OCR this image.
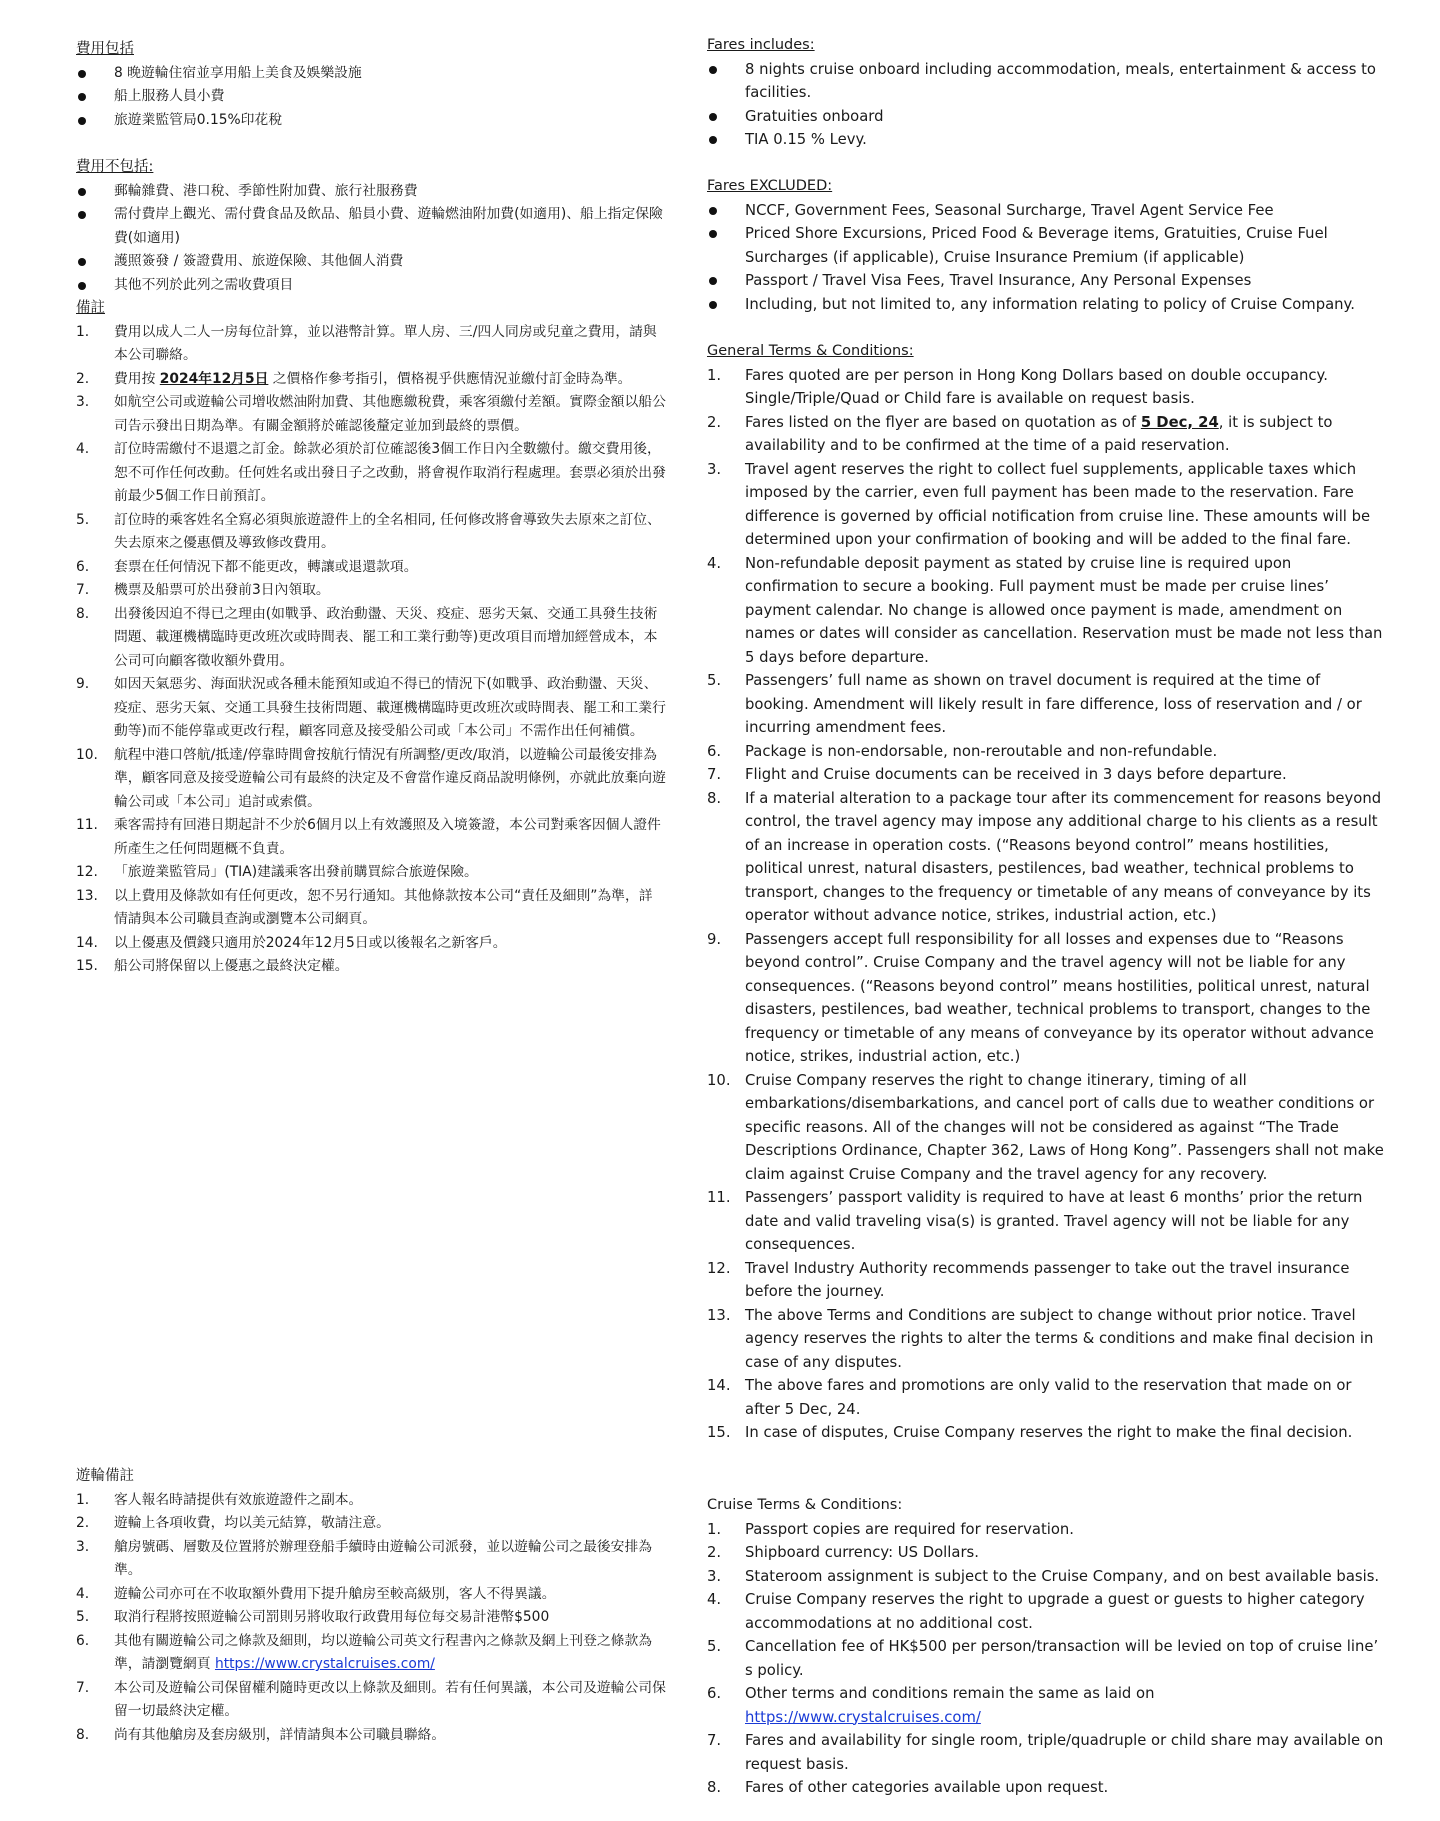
費用包括

8 晚遊輪住宿並享用船上美食及娛樂設施
船上服務人員小費
旅遊業監管局0.15%印花稅

費用不包括:

郵輪雜費、港口稅、季節性附加費、旅行社服務費
需付費岸上觀光、需付費食品及飲品、船員小費、遊輪燃油附加費(如適用)、船上指定保險費(如適用)
護照簽發 / 簽證費用、旅遊保險、其他個人消費
其他不列於此列之需收費項目

備註

1. 費用以成人二人一房每位計算，並以港幣計算。單人房、三/四人同房或兒童之費用，請與本公司聯絡。
2. 費用按 2024年12月5日 之價格作參考指引，價格視乎供應情況並繳付訂金時為準。
3. 如航空公司或遊輪公司增收燃油附加費、其他應繳稅費，乘客須繳付差額。實際金額以船公司告示發出日期為準。有關金額將於確認後釐定並加到最終的票價。
4. 訂位時需繳付不退還之訂金。餘款必須於訂位確認後3個工作日內全數繳付。繳交費用後，恕不可作任何改動。任何姓名或出發日子之改動，將會視作取消行程處理。套票必須於出發前最少5個工作日前預訂。
5. 訂位時的乘客姓名全寫必須與旅遊證件上的全名相同, 任何修改將會導致失去原來之訂位、失去原來之優惠價及導致修改費用。
6. 套票在任何情況下都不能更改，轉讓或退還款項。
7. 機票及船票可於出發前3日內領取。
8. 出發後因迫不得已之理由(如戰爭、政治動盪、天災、疫症、惡劣天氣、交通工具發生技術問題、載運機構臨時更改班次或時間表、罷工和工業行動等)更改項目而增加經營成本，本公司可向顧客徵收額外費用。
9. 如因天氣惡劣、海面狀況或各種未能預知或迫不得已的情況下(如戰爭、政治動盪、天災、疫症、惡劣天氣、交通工具發生技術問題、載運機構臨時更改班次或時間表、罷工和工業行動等)而不能停靠或更改行程，顧客同意及接受船公司或「本公司」不需作出任何補償。
10. 航程中港口啓航/抵達/停靠時間會按航行情況有所調整/更改/取消，以遊輪公司最後安排為準，顧客同意及接受遊輪公司有最終的決定及不會當作違反商品說明條例，亦就此放棄向遊輪公司或「本公司」追討或索償。
11. 乘客需持有回港日期起計不少於6個月以上有效護照及入境簽證，本公司對乘客因個人證件所產生之任何問題概不負責。
12. 「旅遊業監管局」(TIA)建議乘客出發前購買綜合旅遊保險。
13. 以上費用及條款如有任何更改，恕不另行通知。其他條款按本公司“責任及細則”為準，詳情請與本公司職員查詢或瀏覽本公司網頁。
14. 以上優惠及價錢只適用於2024年12月5日或以後報名之新客戶。
15. 船公司將保留以上優惠之最終決定權。

遊輪備註

1. 客人報名時請提供有效旅遊證件之副本。
2. 遊輪上各項收費，均以美元結算，敬請注意。
3. 艙房號碼、層數及位置將於辦理登船手續時由遊輪公司派發，並以遊輪公司之最後安排為準。
4. 遊輪公司亦可在不收取額外費用下提升艙房至較高級別，客人不得異議。
5. 取消行程將按照遊輪公司罰則另將收取行政費用每位每交易計港幣$500
6. 其他有關遊輪公司之條款及細則，均以遊輪公司英文行程書內之條款及網上刊登之條款為準，請瀏覽網頁 https://www.crystalcruises.com/
7. 本公司及遊輪公司保留權利隨時更改以上條款及細則。若有任何異議，本公司及遊輪公司保留一切最終決定權。
8. 尚有其他艙房及套房級別，詳情請與本公司職員聯絡。

Fares includes:

8 nights cruise onboard including accommodation, meals, entertainment & access to facilities.
Gratuities onboard
TIA 0.15 % Levy.

Fares EXCLUDED:

NCCF, Government Fees, Seasonal Surcharge, Travel Agent Service Fee
Priced Shore Excursions, Priced Food & Beverage items, Gratuities, Cruise Fuel Surcharges (if applicable), Cruise Insurance Premium (if applicable)
Passport / Travel Visa Fees, Travel Insurance, Any Personal Expenses
Including, but not limited to, any information relating to policy of Cruise Company.

General Terms & Conditions:

1. Fares quoted are per person in Hong Kong Dollars based on double occupancy. Single/Triple/Quad or Child fare is available on request basis.
2. Fares listed on the flyer are based on quotation as of 5 Dec, 24, it is subject to availability and to be confirmed at the time of a paid reservation.
3. Travel agent reserves the right to collect fuel supplements, applicable taxes which imposed by the carrier, even full payment has been made to the reservation. Fare difference is governed by official notification from cruise line. These amounts will be determined upon your confirmation of booking and will be added to the final fare.
4. Non-refundable deposit payment as stated by cruise line is required upon confirmation to secure a booking. Full payment must be made per cruise lines’ payment calendar. No change is allowed once payment is made, amendment on names or dates will consider as cancellation. Reservation must be made not less than 5 days before departure.
5. Passengers’ full name as shown on travel document is required at the time of booking. Amendment will likely result in fare difference, loss of reservation and / or incurring amendment fees.
6. Package is non-endorsable, non-reroutable and non-refundable.
7. Flight and Cruise documents can be received in 3 days before departure.
8. If a material alteration to a package tour after its commencement for reasons beyond control, the travel agency may impose any additional charge to his clients as a result of an increase in operation costs. (“Reasons beyond control” means hostilities, political unrest, natural disasters, pestilences, bad weather, technical problems to transport, changes to the frequency or timetable of any means of conveyance by its operator without advance notice, strikes, industrial action, etc.)
9. Passengers accept full responsibility for all losses and expenses due to “Reasons beyond control”. Cruise Company and the travel agency will not be liable for any consequences. (“Reasons beyond control” means hostilities, political unrest, natural disasters, pestilences, bad weather, technical problems to transport, changes to the frequency or timetable of any means of conveyance by its operator without advance notice, strikes, industrial action, etc.)
10. Cruise Company reserves the right to change itinerary, timing of all embarkations/disembarkations, and cancel port of calls due to weather conditions or specific reasons. All of the changes will not be considered as against “The Trade Descriptions Ordinance, Chapter 362, Laws of Hong Kong”. Passengers shall not make claim against Cruise Company and the travel agency for any recovery.
11. Passengers’ passport validity is required to have at least 6 months’ prior the return date and valid traveling visa(s) is granted. Travel agency will not be liable for any consequences.
12. Travel Industry Authority recommends passenger to take out the travel insurance before the journey.
13. The above Terms and Conditions are subject to change without prior notice. Travel agency reserves the rights to alter the terms & conditions and make final decision in case of any disputes.
14. The above fares and promotions are only valid to the reservation that made on or after 5 Dec, 24.
15. In case of disputes, Cruise Company reserves the right to make the final decision.

Cruise Terms & Conditions:

1. Passport copies are required for reservation.
2. Shipboard currency: US Dollars.
3. Stateroom assignment is subject to the Cruise Company, and on best available basis.
4. Cruise Company reserves the right to upgrade a guest or guests to higher category accommodations at no additional cost.
5. Cancellation fee of HK$500 per person/transaction will be levied on top of cruise line’ s policy.
6. Other terms and conditions remain the same as laid on https://www.crystalcruises.com/
7. Fares and availability for single room, triple/quadruple or child share may available on request basis.
8. Fares of other categories available upon request.
